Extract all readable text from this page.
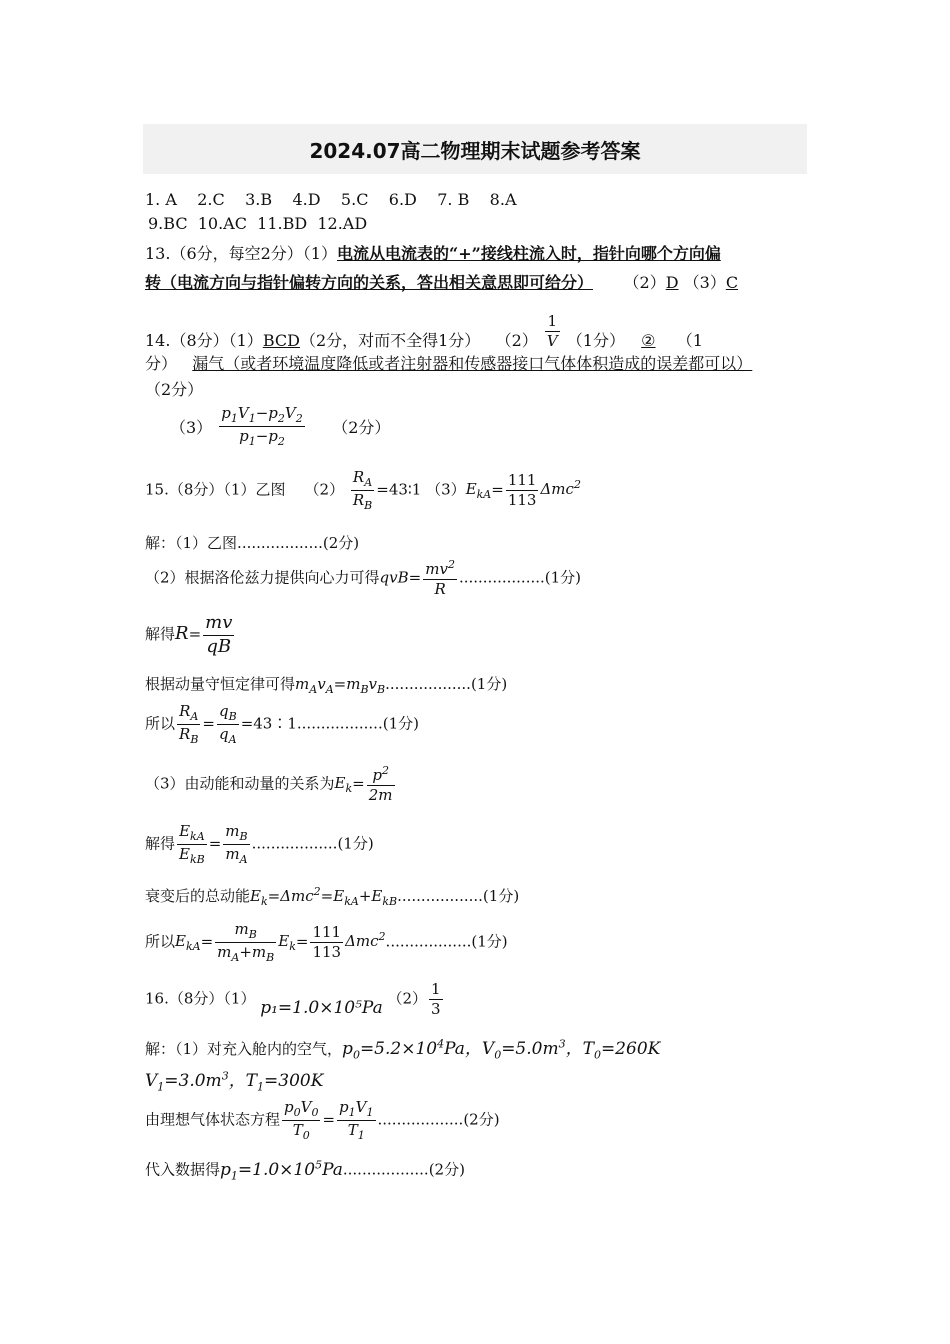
2024.07高二物理期末试题参考答案
1. A 2.C 3.B 4.D 5.C 6.D 7. B 8.A
9.BC 10.AC 11.BD 12.AD
13.（6分，每空2分）（1）电流从电流表的“+”接线柱流入时，指针向哪个方向偏
转（电流方向与指针偏转方向的关系，答出相关意思即可给分） （2）D （3）C
14.（8分）（1）BCD（2分，对而不全得1分） $(2) \frac{1}{V} (1$分） ② （1
分） 漏气（或者环境温度降低或者注射器和传感器接口气体体积造成的误差都可以）
（2分）
$(3) \frac{p_1V_1-p_2V_2}{p_1-p_2} (2$分）
15.（8分）（1）乙图 $(2) \frac{R_A}{R_B}$ =43∶1 $(3)E_{kA}= \frac{111}{113} \Delta mc^2$
解：（1）乙图..................(2分)
（2）根据洛伦兹力提供向心力可得$qvB= \frac{mv^2}{R} ..................(1$分)
解得$R= \frac{mv}{qB}$
根据动量守恒定律可得$m_Av_A=m_Bv_B..................(1$分)
所以 $\frac{R_A}{R_B} = \frac{q_B}{q_A}$ =43∶1..................(1分)
（3）由动能和动量的关系为$E_k= \frac{p^2}{2m}$
解得 $\frac{E_{kA}}{E_{kB}} = \frac{m_B}{m_A} ..................(1$分)
衰变后的总动能$E_k=\Delta mc^2=E_{kA}+E_{kB}..................(1$分)
所以$E_{kA}= \frac{m_B}{m_A+m_B} E_k= \frac{111}{113} \Delta mc^2..................(1$分)
16.（8分）（1） p₁=1.0×10⁵Pa $(2) \frac{1}{3}$
解：（1）对充入舱内的空气，$p_0=5.2\times 10^4Pa$，$V_0=5.0m^3$，$T_0=260K$
$V_1=3.0m^3$，$T_1=300K$
由理想气体状态方程 $\frac{p_0V_0}{T_0} = \frac{p_1V_1}{T_1} ..................(2$分)
代入数据得$p_1=1.0\times 10^5Pa..................(2$分)
